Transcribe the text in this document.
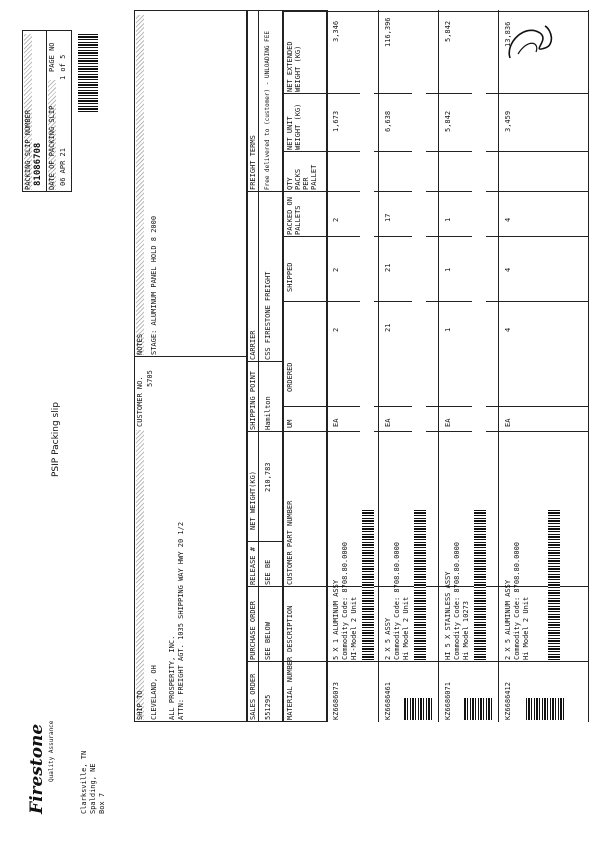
Firestone Quality Assurance	Clarksville, TN Spalding, NE Box 7
PSIP Packing slip
PACKING SLIP NUMBER 81086708 DATE OF PACKING SLIP
PAGE NO
06 APR 21
1 of 5
SHIP TO
CUSTOMER NO. 5705
CLEVELAND, OH ALL PROSPERITY, INC. ATTN: FREIGHT AGT. 1035 SHIPPING WAY HWY 20 1/2
NOTES STAGE: ALUMINUM PANEL HOLD 8 2000
SALES ORDER 551295
PURCHASE ORDER SEE BELOW
RELEASE # SEE BE
NET WEIGHT(KG) 210,783
SHIPPING POINT Hamilton
CARRIER CSS FIRESTONE FREIGHT
FREIGHT TERMS Free delivered to (customer) - UNLOADING FEE
MATERIAL NUMBER
DESCRIPTION
CUSTOMER PART NUMBER
UM
ORDERED
SHIPPED
PACKED ON PALLETS
QTY PACKS PER PALLET
NET UNIT WEIGHT (KG)
NET EXTENDED WEIGHT (KG)
KZ6686073
5 X 1 ALUMINUM ASSY Commodity Code: 8708.80.0000 HI-Model 2 Unit
EA
2
2
2
1,673
3,346
KZ6686461
2 X 5 ASSY Commodity Code: 8708.80.0000 Hi Model 2 Unit
EA
21
21
17
6,638
116,396
KZ6686071
HI 5 X STAINLESS ASSY Commodity Code: 8708.80.0000 Hi Model 10273
EA
1
1
1
5,842
5,842
KZ6686412
2 X 5 ALUMINUM ASSY Commodity Code: 8708.80.0000 Hi Model 2 Unit
EA
4
4
4
3,459
13,836
